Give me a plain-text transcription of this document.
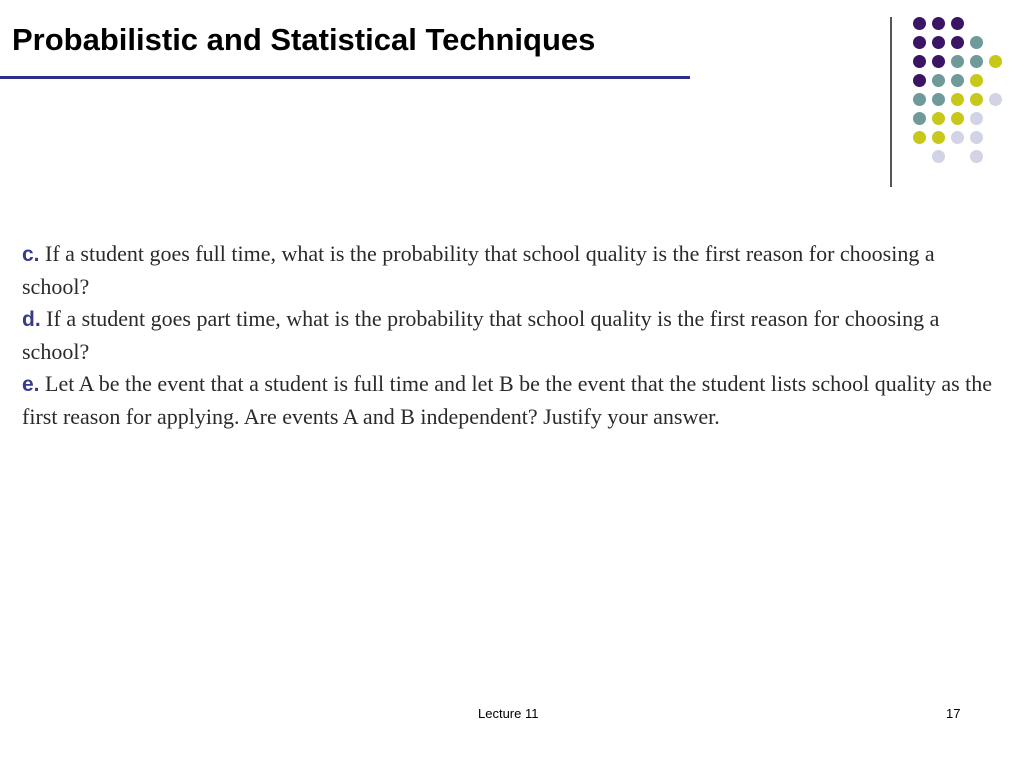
Probabilistic and Statistical Techniques
c. If a student goes full time, what is the probability that school quality is the first reason for choosing a school?
d. If a student goes part time, what is the probability that school quality is the first reason for choosing a school?
e. Let A be the event that a student is full time and let B be the event that the student lists school quality as the first reason for applying. Are events A and B independent? Justify your answer.
Lecture 11	17
